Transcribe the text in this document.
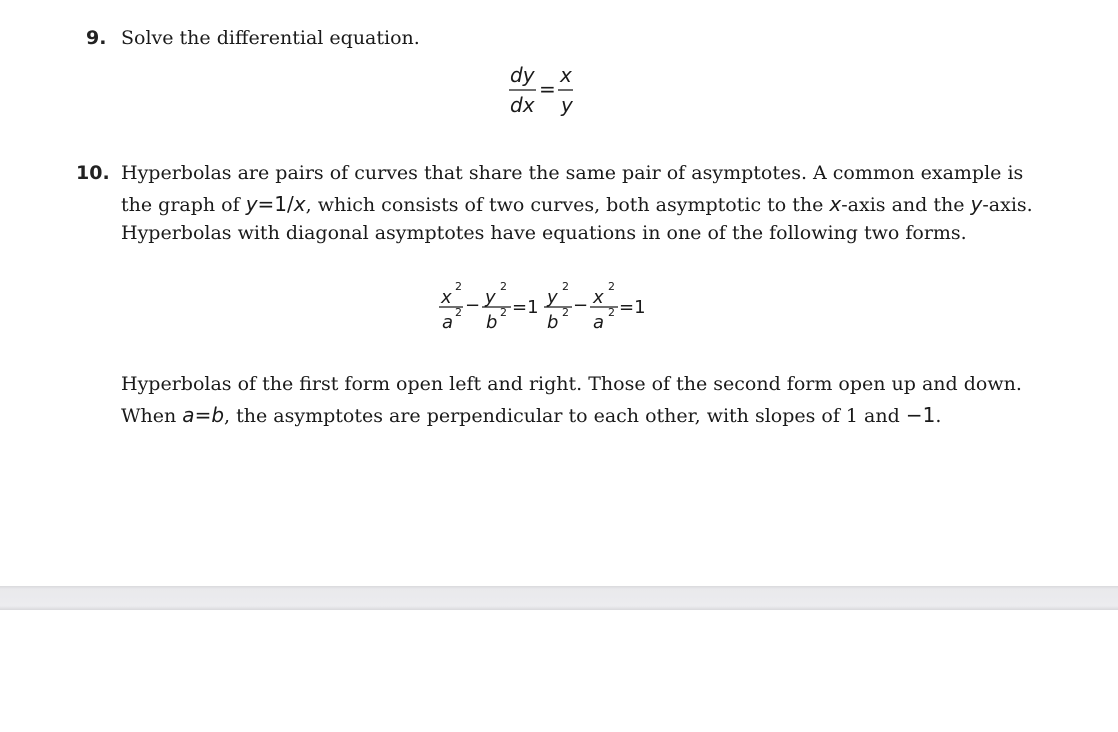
9. Solve the differential equation.
dy
dx
=
x
y
10. Hyperbolas are pairs of curves that share the same pair of asymptotes. A common example is
the graph of y=1/x, which consists of two curves, both asymptotic to the x-axis and the y-axis.
Hyperbolas with diagonal asymptotes have equations in one of the following two forms.
x
2
a 2 − y
2
b 2 =1 y
2
b 2 − x
2
a 2 =1
Hyperbolas of the first form open left and right. Those of the second form open up and down.
When a=b, the asymptotes are perpendicular to each other, with slopes of 1 and −1.
